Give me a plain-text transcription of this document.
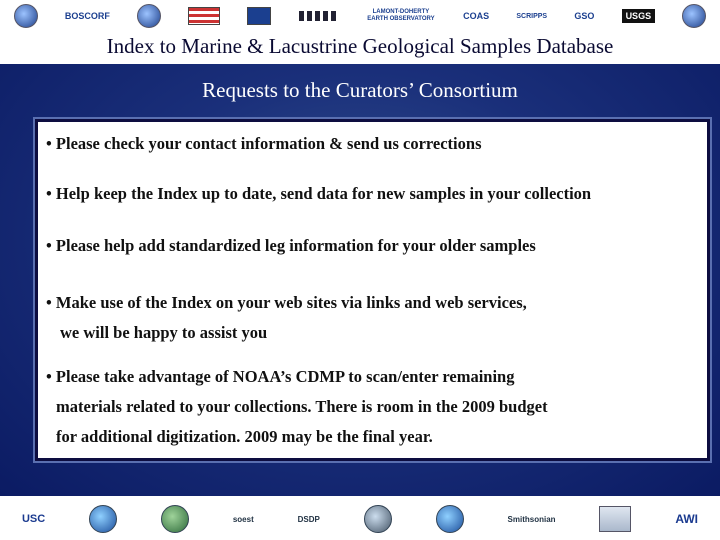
BOSCORF	LAMONT-DOHERTY EARTH OBSERVATORY	COAS	SCRIPPS	GSO	USGS
Index to Marine & Lacustrine Geological Samples Database
Requests to the Curators’ Consortium
• Please check your contact information & send us corrections
• Help keep the Index up to date, send data for new samples in your collection
• Please help add standardized leg information for your older samples
• Make use of the Index on your web sites via links and web services,
we will be happy to assist you
• Please take advantage of NOAA’s CDMP to scan/enter remaining
materials related to your collections. There is room in the 2009 budget
for additional digitization. 2009 may be the final year.
USC	soest	DSDP	Smithsonian	AWI
